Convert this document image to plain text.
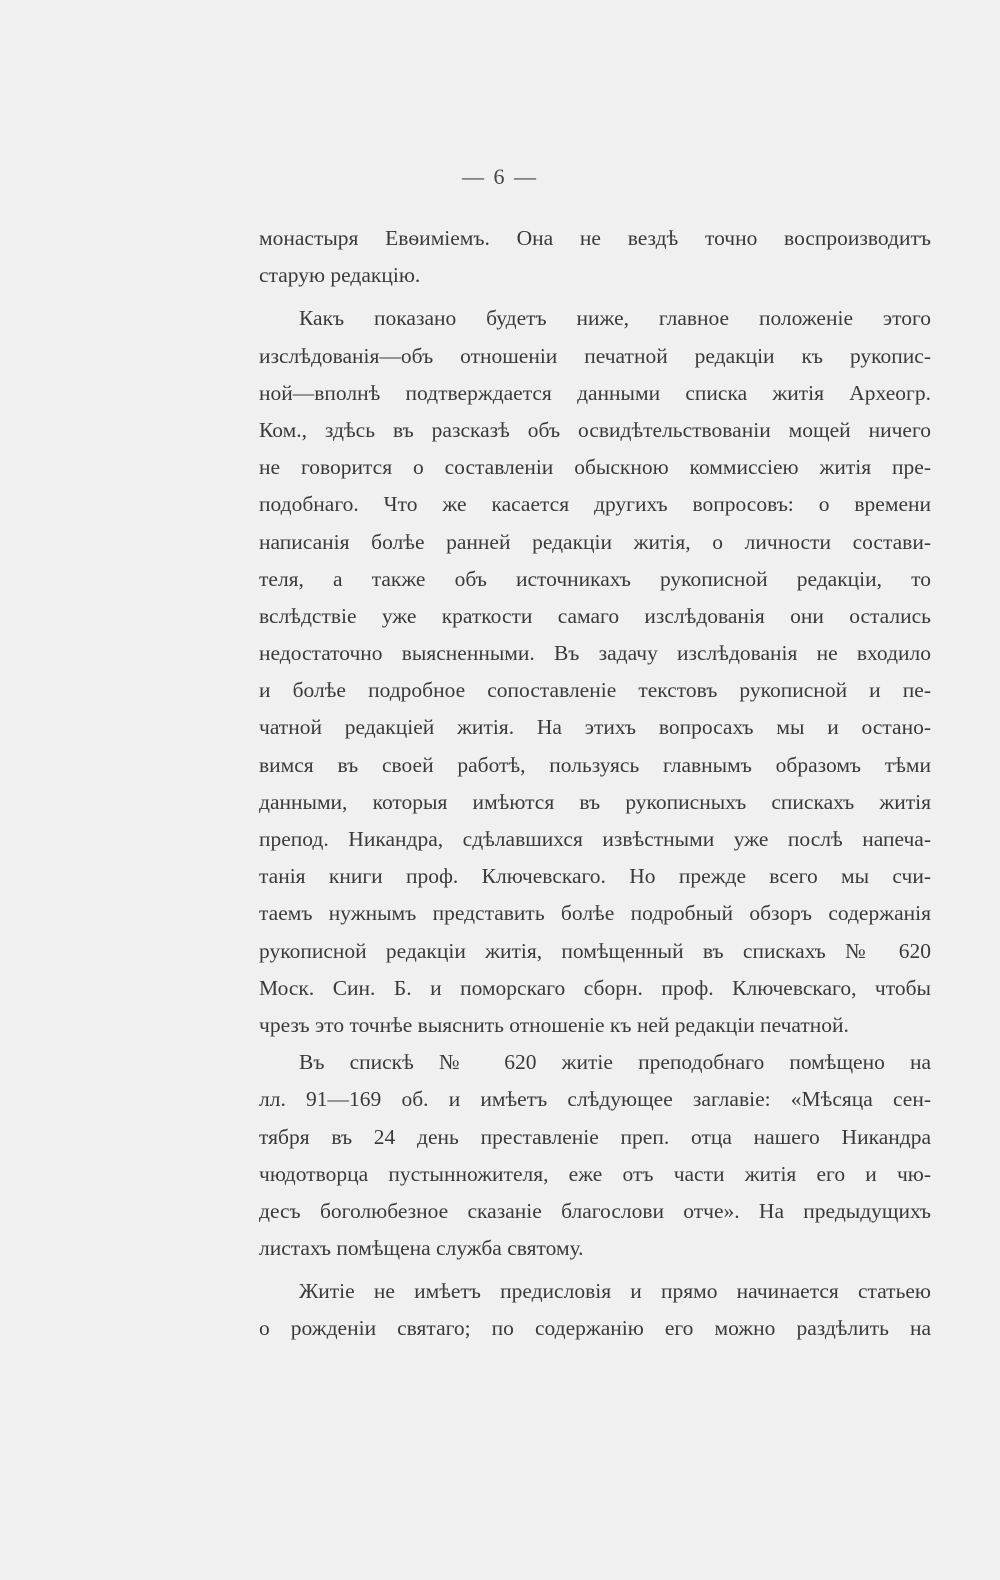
— 6 —
монастыря Евѳиміемъ. Она не вездѣ точно воспроизводитъ
старую редакцію.
Какъ показано будетъ ниже, главное положеніе этого
изслѣдованія—объ отношеніи печатной редакціи къ рукопис-
ной—вполнѣ подтверждается данными списка житія Археогр.
Ком., здѣсь въ разсказѣ объ освидѣтельствованіи мощей ничего
не говорится о составленіи обыскною коммиссіею житія пре-
подобнаго. Что же касается другихъ вопросовъ: о времени
написанія болѣе ранней редакціи житія, о личности состави-
теля, а также объ источникахъ рукописной редакціи, то
вслѣдствіе уже краткости самаго изслѣдованія они остались
недостаточно выясненными. Въ задачу изслѣдованія не входило
и болѣе подробное сопоставленіе текстовъ рукописной и пе-
чатной редакціей житія. На этихъ вопросахъ мы и остано-
вимся въ своей работѣ, пользуясь главнымъ образомъ тѣми
данными, которыя имѣются въ рукописныхъ спискахъ житія
препод. Никандра, сдѣлавшихся извѣстными уже послѣ напеча-
танія книги проф. Ключевскаго. Но прежде всего мы счи-
таемъ нужнымъ представить болѣе подробный обзоръ содержанія
рукописной редакціи житія, помѣщенный въ спискахъ № 620
Моск. Син. Б. и поморскаго сборн. проф. Ключевскаго, чтобы
чрезъ это точнѣе выяснить отношеніе къ ней редакціи печатной.
Въ спискѣ № 620 житіе преподобнаго помѣщено на
лл. 91—169 об. и имѣетъ слѣдующее заглавіе: «Мѣсяца сен-
тября въ 24 день преставленіе преп. отца нашего Никандра
чюдотворца пустынножителя, еже отъ части житія его и чю-
десъ боголюбезное сказаніе благослови отче». На предыдущихъ
листахъ помѣщена служба святому.
Житіе не имѣетъ предисловія и прямо начинается статьею
о рожденіи святаго; по содержанію его можно раздѣлить на
